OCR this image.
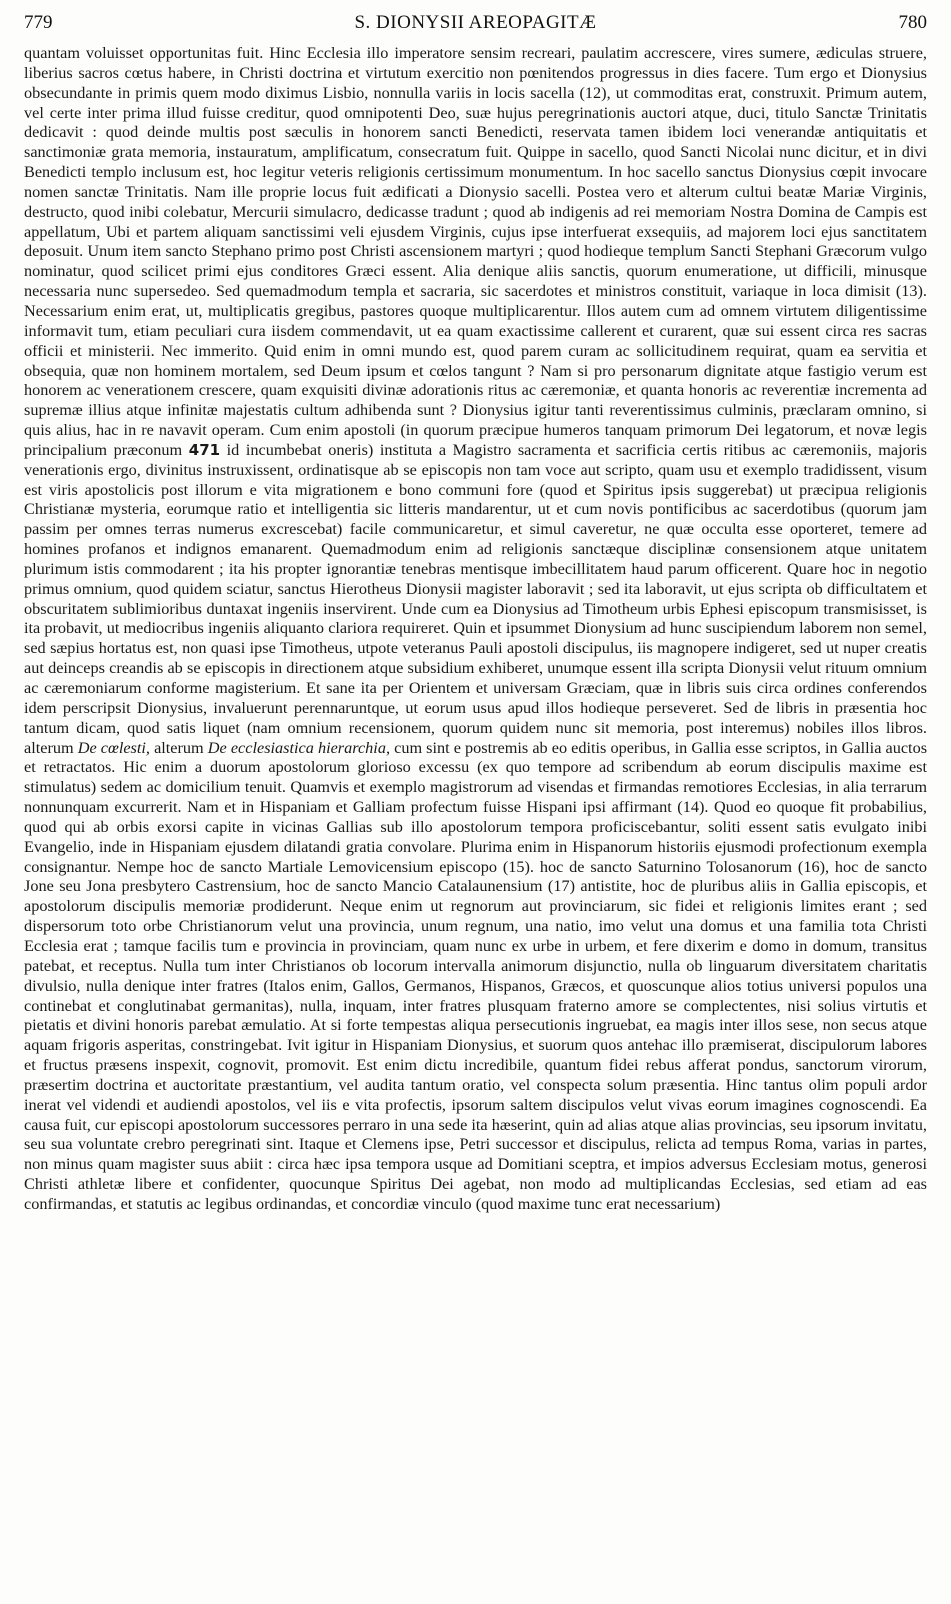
779	S. DIONYSII AREOPAGITÆ	780

quantam voluisset opportunitas fuit. Hinc Ecclesia illo imperatore sensim recreari, paulatim accrescere, vires sumere, ædiculas struere, liberius sacros cœtus habere, in Christi doctrina et virtutum exercitio non pœnitendos progressus in dies facere. Tum ergo et Dionysius obsecundante in primis quem modo diximus Lisbio, nonnulla variis in locis sacella (12), ut commoditas erat, construxit. Primum autem, vel certe inter prima illud fuisse creditur, quod omnipotenti Deo, suæ hujus peregrinationis auctori atque, duci, titulo Sanctæ Trinitatis dedicavit : quod deinde multis post sæculis in honorem sancti Benedicti, reservata tamen ibidem loci venerandæ antiquitatis et sanctimoniæ grata memoria, instauratum, amplificatum, consecratum fuit. Quippe in sacello, quod Sancti Nicolai nunc dicitur, et in divi Benedicti templo inclusum est, hoc legitur veteris religionis certissimum monumentum. In hoc sacello sanctus Dionysius cœpit invocare nomen sanctæ Trinitatis. Nam ille proprie locus fuit ædificati a Dionysio sacelli. Postea vero et alterum cultui beatæ Mariæ Virginis, destructo, quod inibi colebatur, Mercurii simulacro, dedicasse tradunt ; quod ab indigenis ad rei memoriam Nostra Domina de Campis est appellatum, Ubi et partem aliquam sanctissimi veli ejusdem Virginis, cujus ipse interfuerat exsequiis, ad majorem loci ejus sanctitatem deposuit. Unum item sancto Stephano primo post Christi ascensionem martyri ; quod hodieque templum Sancti Stephani Græcorum vulgo nominatur, quod scilicet primi ejus conditores Græci essent. Alia denique aliis sanctis, quorum enumeratione, ut difficili, minusque necessaria nunc supersedeo. Sed quemadmodum templa et sacraria, sic sacerdotes et ministros constituit, variaque in loca dimisit (13). Necessarium enim erat, ut, multiplicatis gregibus, pastores quoque multiplicarentur. Illos autem cum ad omnem virtutem diligentissime informavit tum, etiam peculiari cura iisdem commendavit, ut ea quam exactissime callerent et curarent, quæ sui essent circa res sacras officii et ministerii. Nec immerito. Quid enim in omni mundo est, quod parem curam ac sollicitudinem requirat, quam ea servitia et obsequia, quæ non hominem mortalem, sed Deum ipsum et cœlos tangunt ? Nam si pro personarum dignitate atque fastigio verum est honorem ac venerationem crescere, quam exquisiti divinæ adorationis ritus ac cæremoniæ, et quanta honoris ac reverentiæ incrementa ad supremæ illius atque infinitæ majestatis cultum adhibenda sunt ? Dionysius igitur tanti reverentissimus culminis, præclaram omnino, si quis alius, hac in re navavit operam. Cum enim apostoli (in quorum præcipue humeros tanquam primorum Dei legatorum, et novæ legis principalium præconum 471 id incumbebat oneris) instituta a Magistro sacramenta et sacrificia certis ritibus ac cæremoniis, majoris venerationis ergo, divinitus instruxissent, ordinatisque ab se episcopis non tam voce aut scripto, quam usu et exemplo tradidissent, visum est viris apostolicis post illorum e vita migrationem e bono communi fore (quod et Spiritus ipsis suggerebat) ut præcipua religionis Christianæ mysteria, eorumque ratio et intelligentia sic litteris mandarentur, ut et cum novis pontificibus ac sacerdotibus (quorum jam passim per omnes terras numerus excrescebat) facile communicaretur, et simul caveretur, ne quæ occulta esse oporteret, temere ad homines profanos et indignos emanarent. Quemadmodum enim ad religionis sanctæque disciplinæ consensionem atque unitatem plurimum istis commodarent ; ita his propter ignorantiæ tenebras mentisque imbecillitatem haud parum officerent. Quare hoc in negotio primus omnium, quod quidem sciatur, sanctus Hierotheus Dionysii magister laboravit ; sed ita laboravit, ut ejus scripta ob difficultatem et obscuritatem sublimioribus duntaxat ingeniis inservirent. Unde cum ea Dionysius ad Timotheum urbis Ephesi episcopum transmisisset, is ita probavit, ut mediocribus ingeniis aliquanto clariora requireret. Quin et ipsummet Dionysium ad hunc suscipiendum laborem non semel, sed sæpius hortatus est, non quasi ipse Timotheus, utpote veteranus Pauli apostoli discipulus, iis magnopere indigeret, sed ut nuper creatis aut deinceps creandis ab se episcopis in directionem atque subsidium exhiberet, unumque essent illa scripta Dionysii velut rituum omnium ac cæremoniarum conforme magisterium. Et sane ita per Orientem et universam Græciam, quæ in libris suis circa ordines conferendos idem perscripsit Dionysius, invaluerunt perennaruntque, ut eorum usus apud illos hodieque perseveret. Sed de libris in præsentia hoc tantum dicam, quod satis liquet (nam omnium recensionem, quorum quidem nunc sit memoria, post interemus) nobiles illos libros. alterum De cœlesti, alterum De ecclesiastica hierarchia, cum sint e postremis ab eo editis operibus, in Gallia esse scriptos, in Gallia auctos et retractatos. Hic enim a duorum apostolorum glorioso excessu (ex quo tempore ad scribendum ab eorum discipulis maxime est stimulatus) sedem ac domicilium tenuit. Quamvis et exemplo magistrorum ad visendas et firmandas remotiores Ecclesias, in alia terrarum nonnunquam excurrerit. Nam et in Hispaniam et Galliam profectum fuisse Hispani ipsi affirmant (14). Quod eo quoque fit probabilius, quod qui ab orbis exorsi capite in vicinas Gallias sub illo apostolorum tempora proficiscebantur, soliti essent satis evulgato inibi Evangelio, inde in Hispaniam ejusdem dilatandi gratia convolare. Plurima enim in Hispanorum historiis ejusmodi profectionum exempla consignantur. Nempe hoc de sancto Martiale Lemovicensium episcopo (15). hoc de sancto Saturnino Tolosanorum (16), hoc de sancto Jone seu Jona presbytero Castrensium, hoc de sancto Mancio Catalaunensium (17) antistite, hoc de pluribus aliis in Gallia episcopis, et apostolorum discipulis memoriæ prodiderunt. Neque enim ut regnorum aut provinciarum, sic fidei et religionis limites erant ; sed dispersorum toto orbe Christianorum velut una provincia, unum regnum, una natio, imo velut una domus et una familia tota Christi Ecclesia erat ; tamque facilis tum e provincia in provinciam, quam nunc ex urbe in urbem, et fere dixerim e domo in domum, transitus patebat, et receptus. Nulla tum inter Christianos ob locorum intervalla animorum disjunctio, nulla ob linguarum diversitatem charitatis divulsio, nulla denique inter fratres (Italos enim, Gallos, Germanos, Hispanos, Græcos, et quoscunque alios totius universi populos una continebat et conglutinabat germanitas), nulla, inquam, inter fratres plusquam fraterno amore se complectentes, nisi solius virtutis et pietatis et divini honoris parebat æmulatio. At si forte tempestas aliqua persecutionis ingruebat, ea magis inter illos sese, non secus atque aquam frigoris asperitas, constringebat. Ivit igitur in Hispaniam Dionysius, et suorum quos antehac illo præmiserat, discipulorum labores et fructus præsens inspexit, cognovit, promovit. Est enim dictu incredibile, quantum fidei rebus afferat pondus, sanctorum virorum, præsertim doctrina et auctoritate præstantium, vel audita tantum oratio, vel conspecta solum præsentia. Hinc tantus olim populi ardor inerat vel videndi et audiendi apostolos, vel iis e vita profectis, ipsorum saltem discipulos velut vivas eorum imagines cognoscendi. Ea causa fuit, cur episcopi apostolorum successores perraro in una sede ita hæserint, quin ad alias atque alias provincias, seu ipsorum invitatu, seu sua voluntate crebro peregrinati sint. Itaque et Clemens ipse, Petri successor et discipulus, relicta ad tempus Roma, varias in partes, non minus quam magister suus abiit : circa hæc ipsa tempora usque ad Domitiani sceptra, et impios adversus Ecclesiam motus, generosi Christi athletæ libere et confidenter, quocunque Spiritus Dei agebat, non modo ad multiplicandas Ecclesias, sed etiam ad eas confirmandas, et statutis ac legibus ordinandas, et concordiæ vinculo (quod maxime tunc erat necessarium)
